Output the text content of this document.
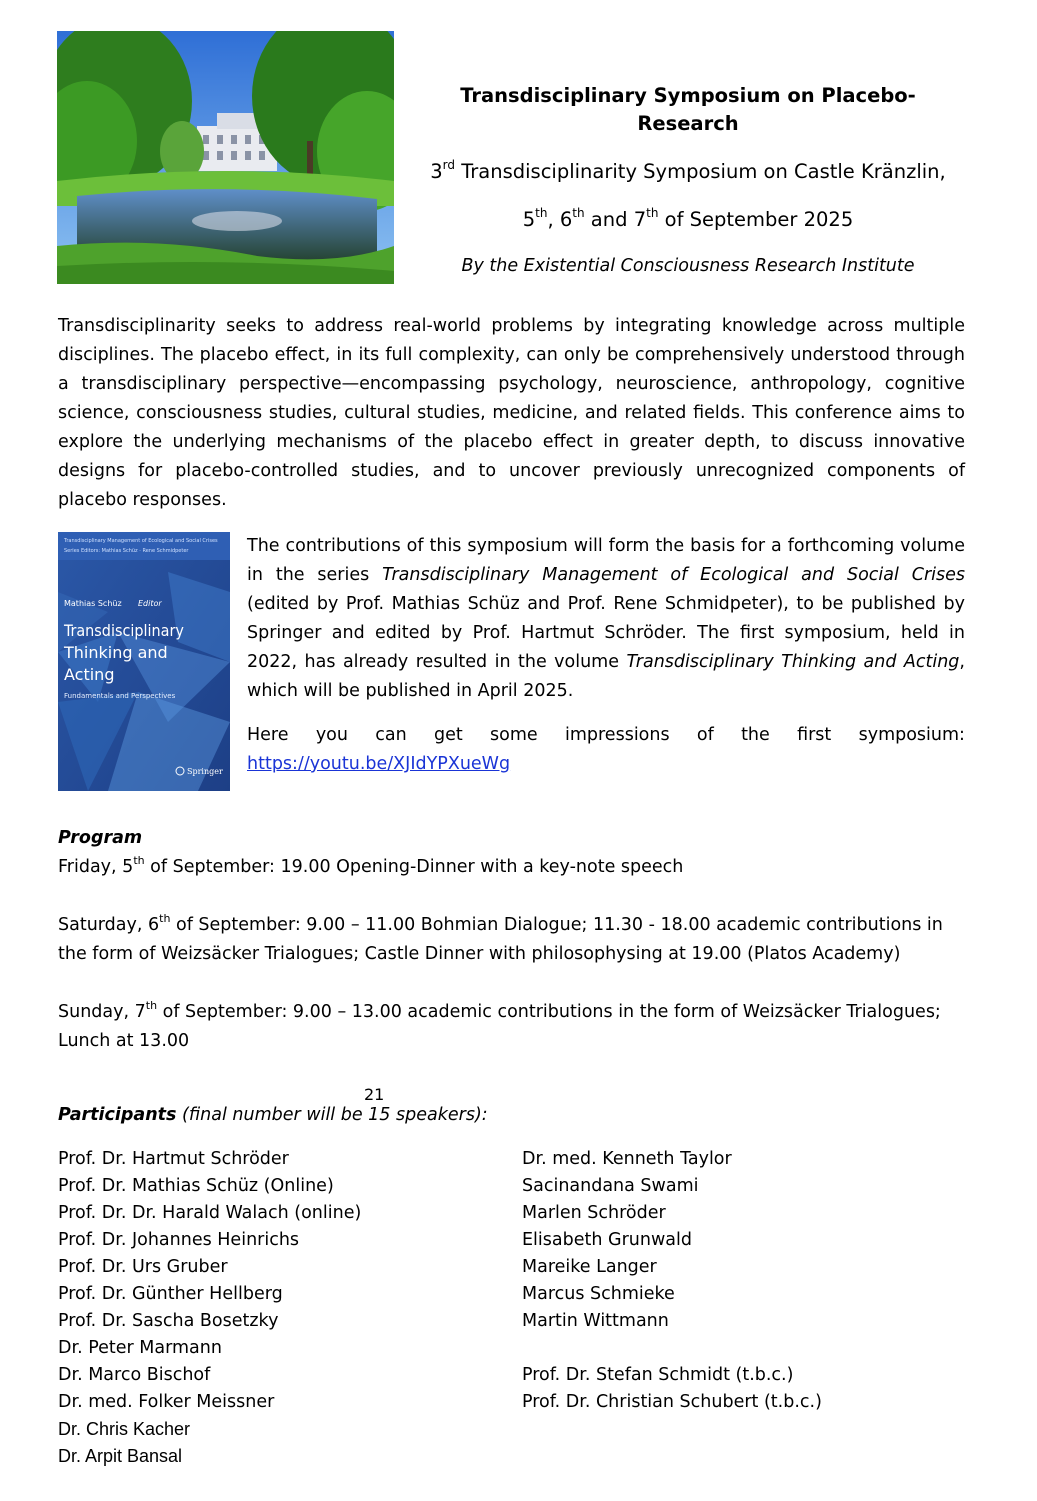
Transdisciplinary Symposium on Placebo-Research
3rd Transdisciplinarity Symposium on Castle Kränzlin,
5th, 6th and 7th of September 2025
By the Existential Consciousness Research Institute
Transdisciplinarity seeks to address real-world problems by integrating knowledge across multiple disciplines. The placebo effect, in its full complexity, can only be comprehensively understood through a transdisciplinary perspective—encompassing psychology, neuroscience, anthropology, cognitive science, consciousness studies, cultural studies, medicine, and related fields. This conference aims to explore the underlying mechanisms of the placebo effect in greater depth, to discuss innovative designs for placebo-controlled studies, and to uncover previously unrecognized components of placebo responses.
Transdisciplinary Management of Ecological and Social Crises
Series Editors: Mathias Schüz · Rene Schmidpeter
Mathias Schüz Editor
Transdisciplinary
Thinking and
Acting
Fundamentals and Perspectives
Springer
The contributions of this symposium will form the basis for a forthcoming volume in the series Transdisciplinary Management of Ecological and Social Crises (edited by Prof. Mathias Schüz and Prof. Rene Schmidpeter), to be published by Springer and edited by Prof. Hartmut Schröder. The first symposium, held in 2022, has already resulted in the volume Transdisciplinary Thinking and Acting, which will be published in April 2025.
Here you can get some impressions of the first symposium:
https://youtu.be/XJIdYPXueWg

Program

Friday, 5th of September: 19.00 Opening-Dinner with a key-note speech

Saturday, 6th of September: 9.00 – 11.00 Bohmian Dialogue; 11.30 - 18.00 academic contributions in the form of Weizsäcker Trialogues; Castle Dinner with philosophysing at 19.00 (Platos Academy)

Sunday, 7th of September: 9.00 – 13.00 academic contributions in the form of Weizsäcker Trialogues; Lunch at 13.00

21
Participants (final number will be 15 speakers):
Prof. Dr. Hartmut Schröder
Prof. Dr. Mathias Schüz (Online)
Prof. Dr. Dr. Harald Walach (online)
Prof. Dr. Johannes Heinrichs
Prof. Dr. Urs Gruber
Prof. Dr. Günther Hellberg
Prof. Dr. Sascha Bosetzky
Dr. Peter Marmann
Dr. Marco Bischof
Dr. med. Folker Meissner
Dr. Chris Kacher
Dr. Arpit Bansal
Dr. med. Kenneth Taylor
Sacinandana Swami
Marlen Schröder
Elisabeth Grunwald
Mareike Langer
Marcus Schmieke
Martin Wittmann
Prof. Dr. Stefan Schmidt (t.b.c.)
Prof. Dr. Christian Schubert (t.b.c.)
